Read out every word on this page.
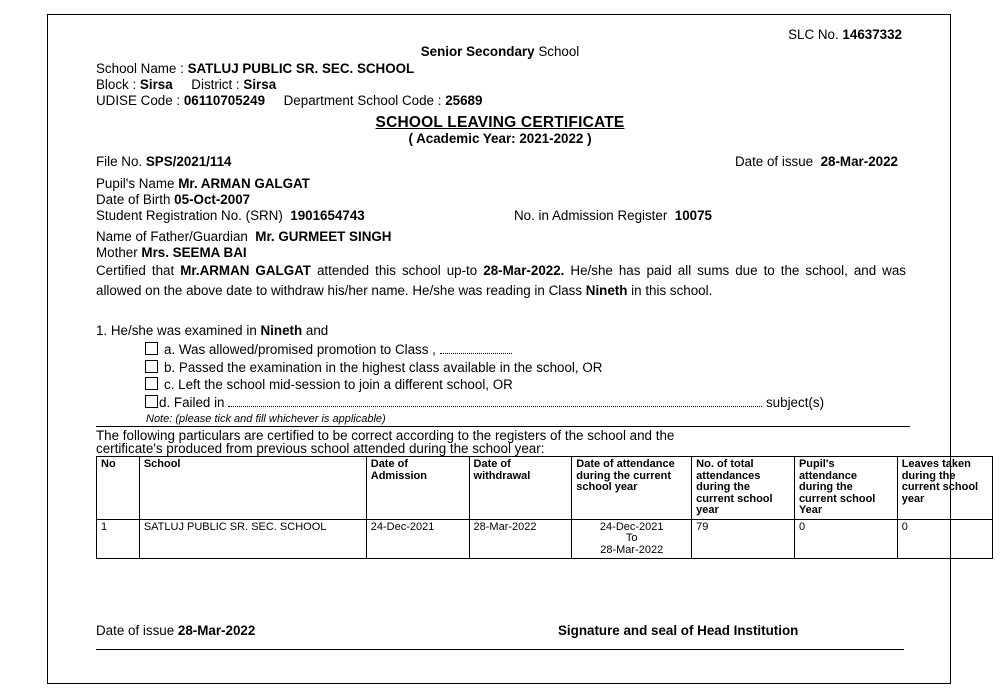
SLC No. 14637332
Senior Secondary School
School Name : SATLUJ PUBLIC SR. SEC. SCHOOL
Block : Sirsa District : Sirsa
UDISE Code : 06110705249 Department School Code : 25689
SCHOOL LEAVING CERTIFICATE
( Academic Year: 2021-2022 )
File No. SPS/2021/114	Date of issue 28-Mar-2022
Pupil's Name Mr. ARMAN GALGAT
Date of Birth 05-Oct-2007
Student Registration No. (SRN) 1901654743	No. in Admission Register 10075
Name of Father/Guardian Mr. GURMEET SINGH
Mother Mrs. SEEMA BAI
Certified that Mr.ARMAN GALGAT attended this school up-to 28-Mar-2022. He/she has paid all sums due to the school, and was allowed on the above date to withdraw his/her name. He/she was reading in Class Nineth in this school.
1. He/she was examined in Nineth and
a. Was allowed/promised promotion to Class ,
b. Passed the examination in the highest class available in the school, OR
c. Left the school mid-session to join a different school, OR
d. Failed in	subject(s)
Note: (please tick and fill whichever is applicable)
The following particulars are certified to be correct according to the registers of the school and the
certificate's produced from previous school attended during the school year:
No	School	Date of Admission	Date of withdrawal	Date of attendance during the current school year	No. of total attendances during the current school year	Pupil's attendance during the current school Year	Leaves taken during the current school year
1	SATLUJ PUBLIC SR. SEC. SCHOOL	24-Dec-2021	28-Mar-2022	24-Dec-2021
To
28-Mar-2022	79	0	0
Date of issue 28-Mar-2022	Signature and seal of Head Institution
